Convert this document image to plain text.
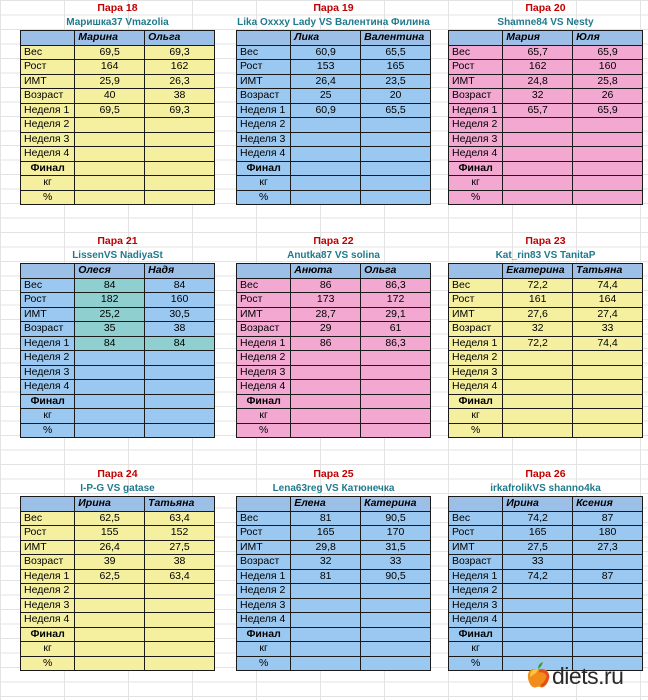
Пара 18
Маришка37 Vmazolia
	Марина	Ольга
Вес	69,5	69,3
Рост	164	162
ИМТ	25,9	26,3
Возраст	40	38
Неделя 1	69,5	69,3
Неделя 2		
Неделя 3		
Неделя 4		
Финал		
кг		
%		
Пара 19
Lika Oxxxy Lady VS Валентина Филина
	Лика	Валентина
Вес	60,9	65,5
Рост	153	165
ИМТ	26,4	23,5
Возраст	25	20
Неделя 1	60,9	65,5
Неделя 2		
Неделя 3		
Неделя 4		
Финал		
кг		
%		
Пара 20
Shamne84 VS Nesty
	Мария	Юля
Вес	65,7	65,9
Рост	162	160
ИМТ	24,8	25,8
Возраст	32	26
Неделя 1	65,7	65,9
Неделя 2		
Неделя 3		
Неделя 4		
Финал		
кг		
%		
Пара 21
LissenVS NadiyaSt
	Олеся	Надя
Вес	84	84
Рост	182	160
ИМТ	25,2	30,5
Возраст	35	38
Неделя 1	84	84
Неделя 2		
Неделя 3		
Неделя 4		
Финал		
кг		
%		
Пара 22
Anutka87 VS solina
	Анюта	Ольга
Вес	86	86,3
Рост	173	172
ИМТ	28,7	29,1
Возраст	29	61
Неделя 1	86	86,3
Неделя 2		
Неделя 3		
Неделя 4		
Финал		
кг		
%		
Пара 23
Kat_rin83 VS TanitaP
	Екатерина	Татьяна
Вес	72,2	74,4
Рост	161	164
ИМТ	27,6	27,4
Возраст	32	33
Неделя 1	72,2	74,4
Неделя 2		
Неделя 3		
Неделя 4		
Финал		
кг		
%		
Пара 24
I-P-G VS gatase
	Ирина	Татьяна
Вес	62,5	63,4
Рост	155	152
ИМТ	26,4	27,5
Возраст	39	38
Неделя 1	62,5	63,4
Неделя 2		
Неделя 3		
Неделя 4		
Финал		
кг		
%		
Пара 25
Lena63reg VS Катюнечка
	Елена	Катерина
Вес	81	90,5
Рост	165	170
ИМТ	29,8	31,5
Возраст	32	33
Неделя 1	81	90,5
Неделя 2		
Неделя 3		
Неделя 4		
Финал		
кг		
%		
Пара 26
irkafrolikVS shanno4ka
	Ирина	Ксения
Вес	74,2	87
Рост	165	180
ИМТ	27,5	27,3
Возраст	33	
Неделя 1	74,2	87
Неделя 2		
Неделя 3		
Неделя 4		
Финал		
кг		
%		
diets.ru
